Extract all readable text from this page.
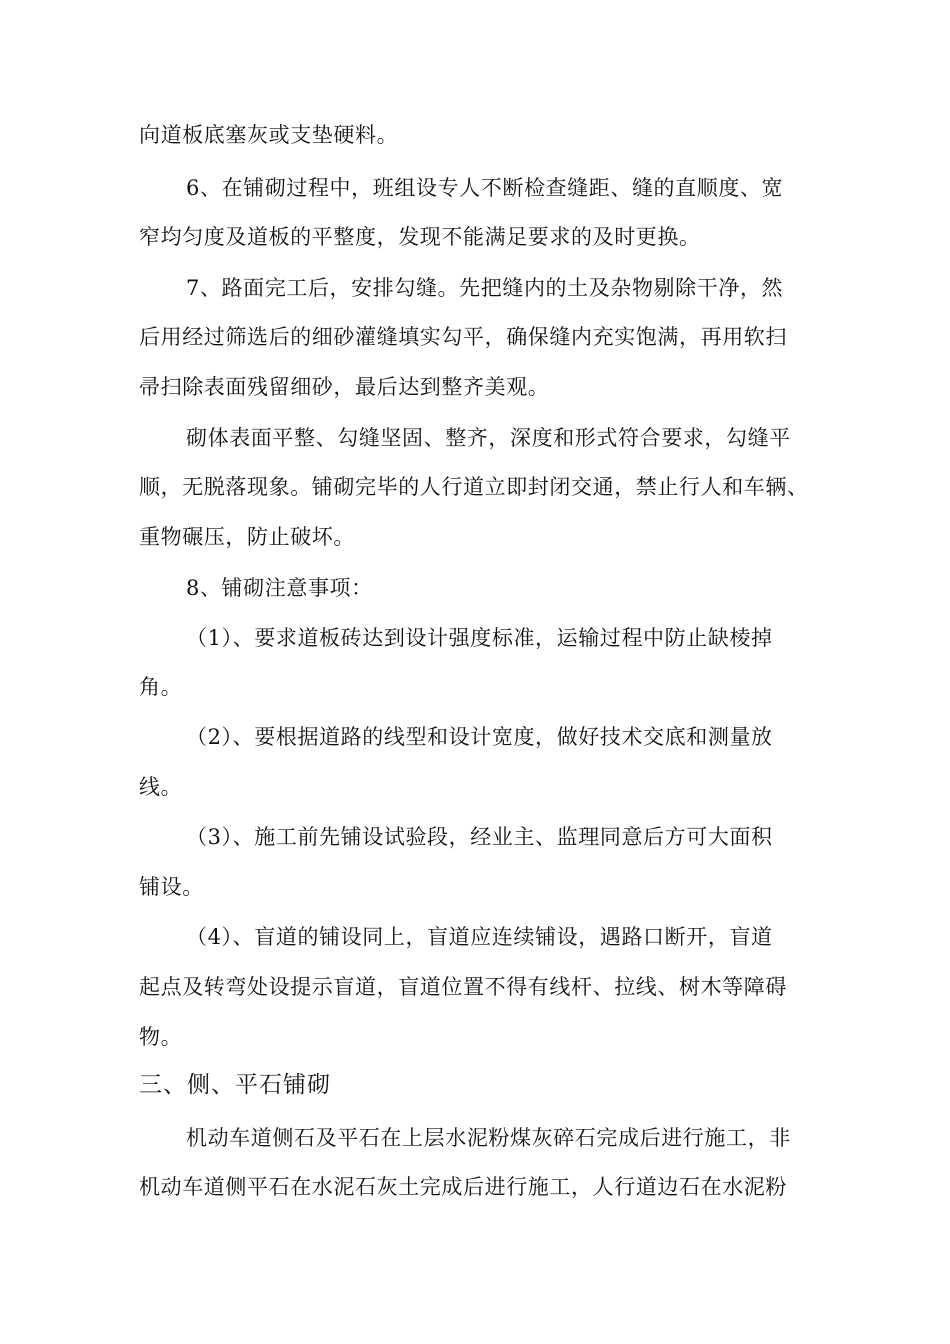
向道板底塞灰或支垫硬料。
6、在铺砌过程中，班组设专人不断检查缝距、缝的直顺度、宽
窄均匀度及道板的平整度，发现不能满足要求的及时更换。
7、路面完工后，安排勾缝。先把缝内的土及杂物剔除干净，然
后用经过筛选后的细砂灌缝填实勾平，确保缝内充实饱满，再用软扫
帚扫除表面残留细砂，最后达到整齐美观。
砌体表面平整、勾缝坚固、整齐，深度和形式符合要求，勾缝平
顺，无脱落现象。铺砌完毕的人行道立即封闭交通，禁止行人和车辆、
重物碾压，防止破坏。
8、铺砌注意事项：
（1）、要求道板砖达到设计强度标准，运输过程中防止缺棱掉
角。
（2）、要根据道路的线型和设计宽度，做好技术交底和测量放
线。
（3）、施工前先铺设试验段，经业主、监理同意后方可大面积
铺设。
（4）、盲道的铺设同上，盲道应连续铺设，遇路口断开，盲道
起点及转弯处设提示盲道，盲道位置不得有线杆、拉线、树木等障碍
物。
三、侧、平石铺砌
机动车道侧石及平石在上层水泥粉煤灰碎石完成后进行施工，非
机动车道侧平石在水泥石灰土完成后进行施工，人行道边石在水泥粉
